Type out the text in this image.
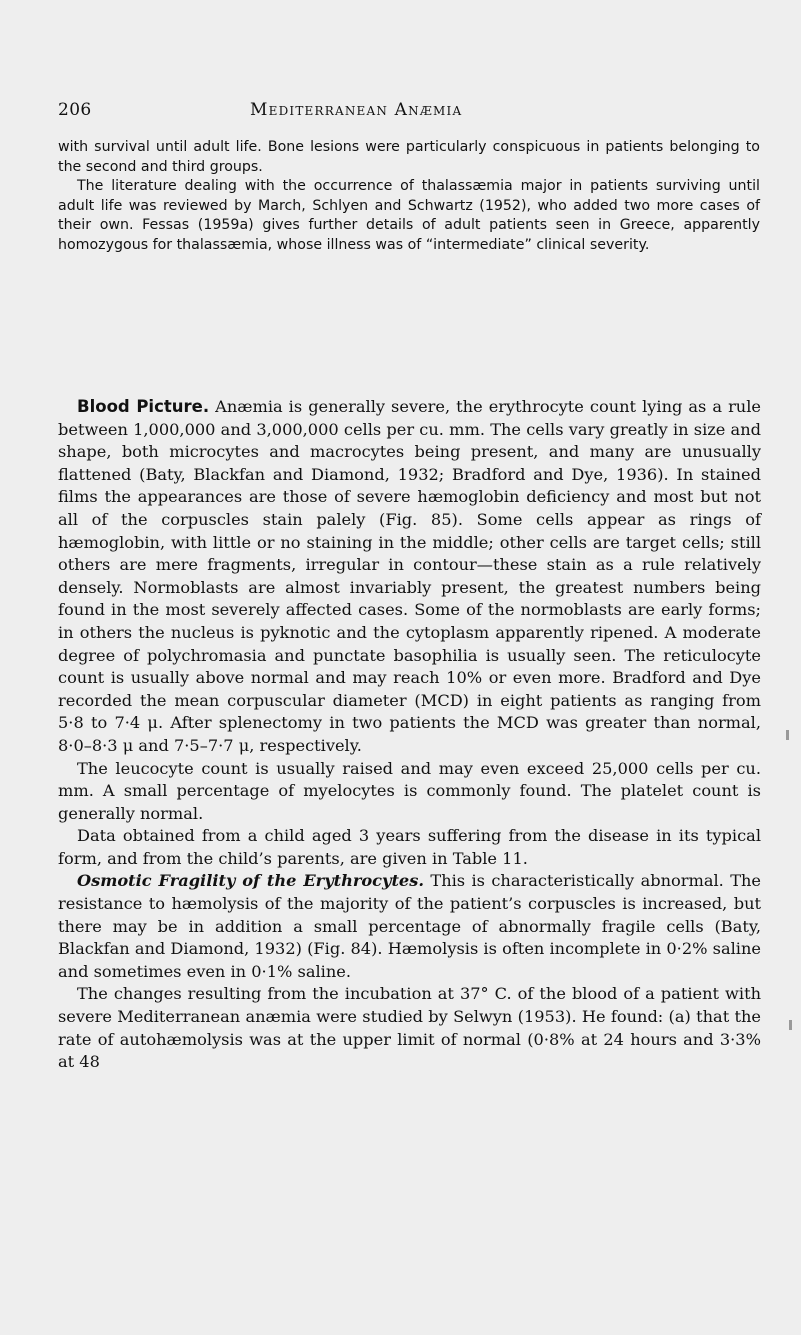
206	Mediterranean Anæmia

with survival until adult life. Bone lesions were particularly conspicuous in patients belonging to the second and third groups.

The literature dealing with the occurrence of thalassæmia major in patients surviving until adult life was reviewed by March, Schlyen and Schwartz (1952), who added two more cases of their own. Fessas (1959a) gives further details of adult patients seen in Greece, apparently homozygous for thalassæmia, whose illness was of “intermediate” clinical severity.

Blood Picture. Anæmia is generally severe, the erythrocyte count lying as a rule between 1,000,000 and 3,000,000 cells per cu. mm. The cells vary greatly in size and shape, both microcytes and macrocytes being present, and many are unusually flattened (Baty, Blackfan and Diamond, 1932; Bradford and Dye, 1936). In stained films the appearances are those of severe hæmoglobin deficiency and most but not all of the corpuscles stain palely (Fig. 85). Some cells appear as rings of hæmoglobin, with little or no staining in the middle; other cells are target cells; still others are mere fragments, irregular in contour—these stain as a rule relatively densely. Normoblasts are almost invariably present, the greatest numbers being found in the most severely affected cases. Some of the normoblasts are early forms; in others the nucleus is pyknotic and the cytoplasm apparently ripened. A moderate degree of polychromasia and punctate basophilia is usually seen. The reticulocyte count is usually above normal and may reach 10% or even more. Bradford and Dye recorded the mean corpuscular diameter (MCD) in eight patients as ranging from 5·8 to 7·4 μ. After splenectomy in two patients the MCD was greater than normal, 8·0–8·3 μ and 7·5–7·7 μ, respectively.

The leucocyte count is usually raised and may even exceed 25,000 cells per cu. mm. A small percentage of myelocytes is commonly found. The platelet count is generally normal.

Data obtained from a child aged 3 years suffering from the disease in its typical form, and from the child’s parents, are given in Table 11.

Osmotic Fragility of the Erythrocytes. This is characteristically abnormal. The resistance to hæmolysis of the majority of the patient’s corpuscles is increased, but there may be in addition a small percentage of abnormally fragile cells (Baty, Blackfan and Diamond, 1932) (Fig. 84). Hæmolysis is often incomplete in 0·2% saline and sometimes even in 0·1% saline.

The changes resulting from the incubation at 37° C. of the blood of a patient with severe Mediterranean anæmia were studied by Selwyn (1953). He found: (a) that the rate of autohæmolysis was at the upper limit of normal (0·8% at 24 hours and 3·3% at 48
